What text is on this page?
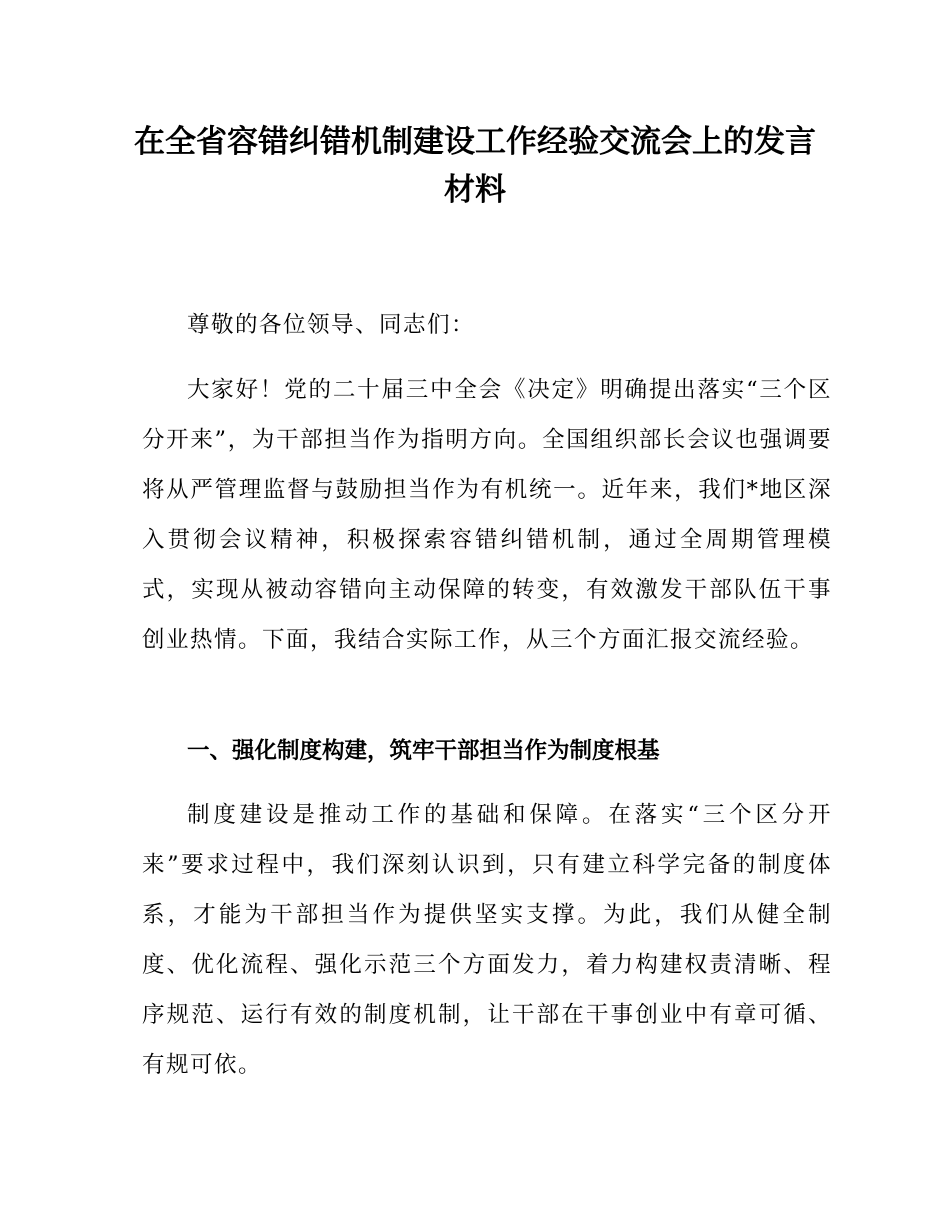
在全省容错纠错机制建设工作经验交流会上的发言材料

尊敬的各位领导、同志们：

大家好！党的二十届三中全会《决定》明确提出落实“三个区分开来”，为干部担当作为指明方向。全国组织部长会议也强调要将从严管理监督与鼓励担当作为有机统一。近年来，我们*地区深入贯彻会议精神，积极探索容错纠错机制，通过全周期管理模式，实现从被动容错向主动保障的转变，有效激发干部队伍干事创业热情。下面，我结合实际工作，从三个方面汇报交流经验。

一、强化制度构建，筑牢干部担当作为制度根基

制度建设是推动工作的基础和保障。在落实“三个区分开来”要求过程中，我们深刻认识到，只有建立科学完备的制度体系，才能为干部担当作为提供坚实支撑。为此，我们从健全制度、优化流程、强化示范三个方面发力，着力构建权责清晰、程序规范、运行有效的制度机制，让干部在干事创业中有章可循、有规可依。
